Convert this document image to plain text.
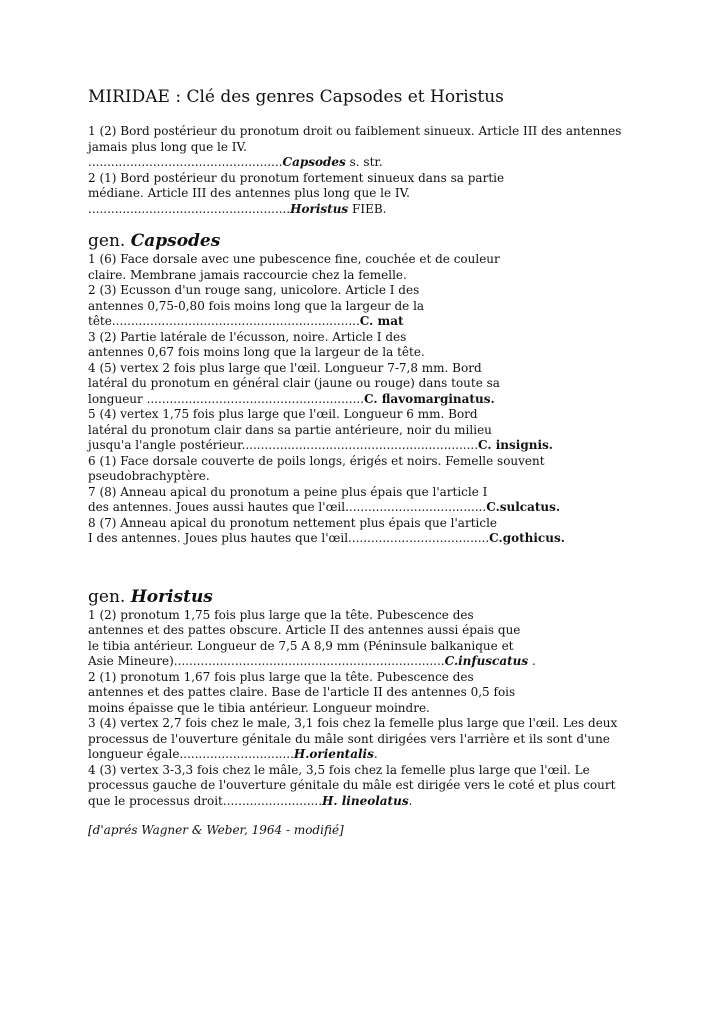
MIRIDAE : Clé des genres Capsodes et Horistus
1 (2) Bord postérieur du pronotum droit ou faiblement sinueux. Article III des antennes
jamais plus long que le IV.
...................................................Capsodes s. str.
2 (1) Bord postérieur du pronotum fortement sinueux dans sa partie
médiane. Article III des antennes plus long que le IV.
.....................................................Horistus FIEB.
gen. Capsodes
1 (6) Face dorsale avec une pubescence fine, couchée et de couleur
claire. Membrane jamais raccourcie chez la femelle.
2 (3) Ecusson d'un rouge sang, unicolore. Article I des
antennes 0,75-0,80 fois moins long que la largeur de la
tête.................................................................C. mat
3 (2) Partie latérale de l'écusson, noire. Article I des
antennes 0,67 fois moins long que la largeur de la tête.
4 (5) vertex 2 fois plus large que l'œil. Longueur 7-7,8 mm. Bord
latéral du pronotum en général clair (jaune ou rouge) dans toute sa
longueur .........................................................C. flavomarginatus.
5 (4) vertex 1,75 fois plus large que l'œil. Longueur 6 mm. Bord
latéral du pronotum clair dans sa partie antérieure, noir du milieu
jusqu'a l'angle postérieur..............................................................C. insignis.
6 (1) Face dorsale couverte de poils longs, érigés et noirs. Femelle souvent
pseudobrachyptère.
7 (8) Anneau apical du pronotum a peine plus épais que l'article I
des antennes. Joues aussi hautes que l'œil.....................................C.sulcatus.
8 (7) Anneau apical du pronotum nettement plus épais que l'article
I des antennes. Joues plus hautes que l'œil.....................................C.gothicus.
gen. Horistus
1 (2) pronotum 1,75 fois plus large que la tête. Pubescence des
antennes et des pattes obscure. Article II des antennes aussi épais que
le tibia antérieur. Longueur de 7,5 A 8,9 mm (Péninsule balkanique et
Asie Mineure).......................................................................C.infuscatus .
2 (1) pronotum 1,67 fois plus large que la tête. Pubescence des
antennes et des pattes claire. Base de l'article II des antennes 0,5 fois
moins épaisse que le tibia antérieur. Longueur moindre.
3 (4) vertex 2,7 fois chez le male, 3,1 fois chez la femelle plus large que l'œil. Les deux
processus de l'ouverture génitale du mâle sont dirigées vers l'arrière et ils sont d'une
longueur égale..............................H.orientalis.
4 (3) vertex 3-3,3 fois chez le mâle, 3,5 fois chez la femelle plus large que l'œil. Le
processus gauche de l'ouverture génitale du mâle est dirigée vers le coté et plus court
que le processus droit..........................H. lineolatus.
[d'aprés Wagner & Weber, 1964 - modifié]
